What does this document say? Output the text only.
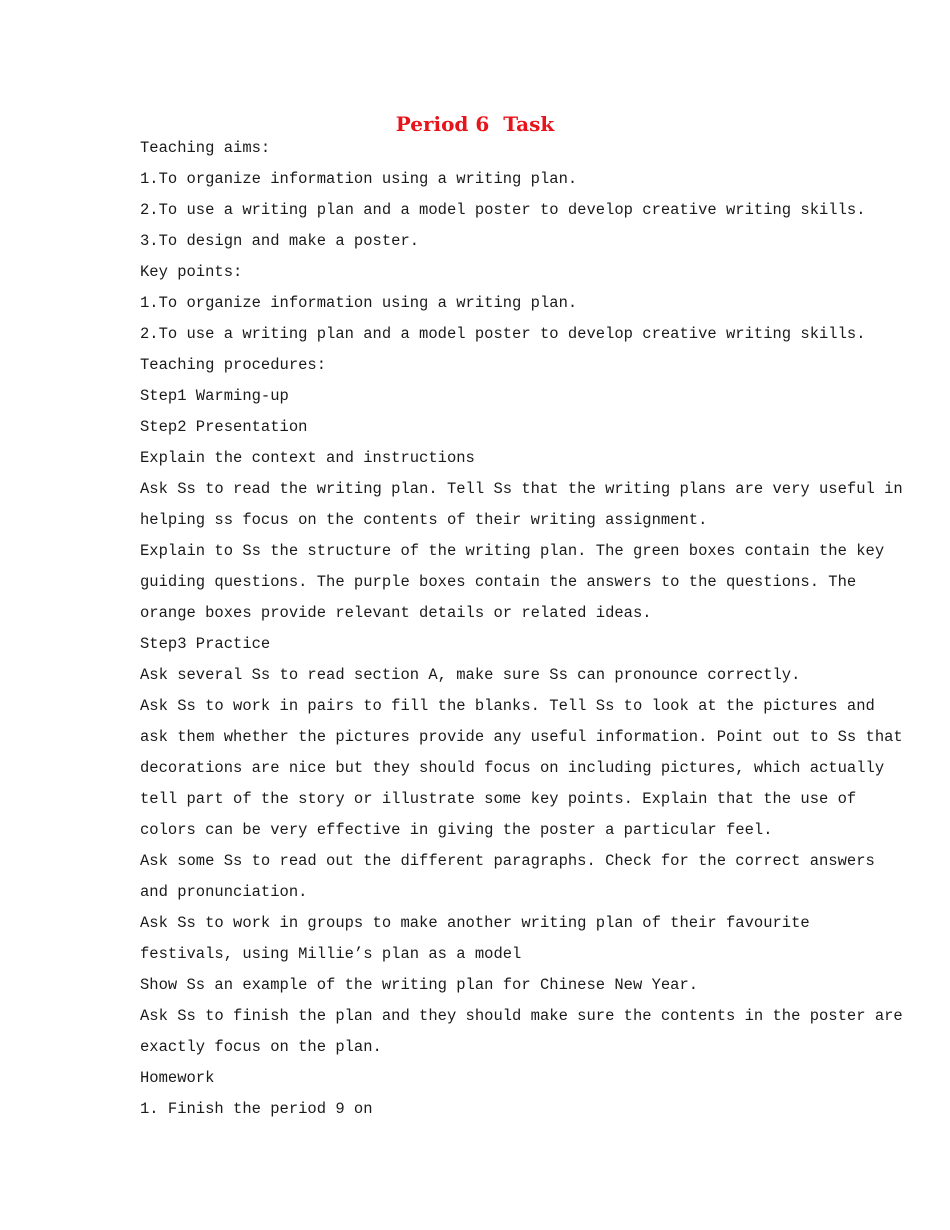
Period 6  Task
Teaching aims:
1.To organize information using a writing plan.
2.To use a writing plan and a model poster to develop creative writing skills.
3.To design and make a poster.
Key points:
1.To organize information using a writing plan.
2.To use a writing plan and a model poster to develop creative writing skills.
Teaching procedures:
Step1 Warming-up
Step2 Presentation
Explain the context and instructions
Ask Ss to read the writing plan. Tell Ss that the writing plans are very useful in
helping ss focus on the contents of their writing assignment.
Explain to Ss the structure of the writing plan. The green boxes contain the key
guiding questions. The purple boxes contain the answers to the questions. The
orange boxes provide relevant details or related ideas.
Step3 Practice
Ask several Ss to read section A, make sure Ss can pronounce correctly.
Ask Ss to work in pairs to fill the blanks. Tell Ss to look at the pictures and
ask them whether the pictures provide any useful information. Point out to Ss that
decorations are nice but they should focus on including pictures, which actually
tell part of the story or illustrate some key points. Explain that the use of
colors can be very effective in giving the poster a particular feel.
Ask some Ss to read out the different paragraphs. Check for the correct answers
and pronunciation.
Ask Ss to work in groups to make another writing plan of their favourite
festivals, using Millie’s plan as a model
Show Ss an example of the writing plan for Chinese New Year.
Ask Ss to finish the plan and they should make sure the contents in the poster are
exactly focus on the plan.
Homework
1. Finish the period 9 on
